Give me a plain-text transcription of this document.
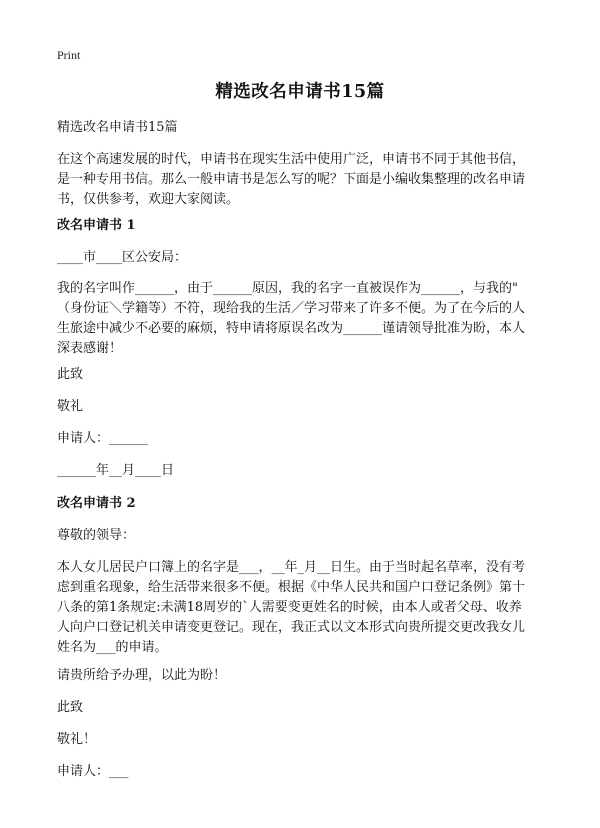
Print
精选改名申请书15篇

精选改名申请书15篇

在这个高速发展的时代，申请书在现实生活中使用广泛，申请书不同于其他书信，
是一种专用书信。那么一般申请书是怎么写的呢？下面是小编收集整理的改名申请
书，仅供参考，欢迎大家阅读。

改名申请书 1

____市____区公安局：

我的名字叫作______，由于______原因，我的名字一直被误作为______，与我的"
（身份证＼学籍等）不符，现给我的生活／学习带来了许多不便。为了在今后的人
生旅途中减少不必要的麻烦，特申请将原误名改为______谨请领导批准为盼，本人
深表感谢！

此致

敬礼

申请人：______

______年__月____日

改名申请书 2

尊敬的领导：

本人女儿居民户口簿上的名字是___，__年_月__日生。由于当时起名草率，没有考
虑到重名现象，给生活带来很多不便。根据《中华人民共和国户口登记条例》第十
八条的第1条规定:未满18周岁的`人需要变更姓名的时候，由本人或者父母、收养
人向户口登记机关申请变更登记。现在，我正式以文本形式向贵所提交更改我女儿
姓名为___的申请。

请贵所给予办理，以此为盼！

此致

敬礼！

申请人：___
